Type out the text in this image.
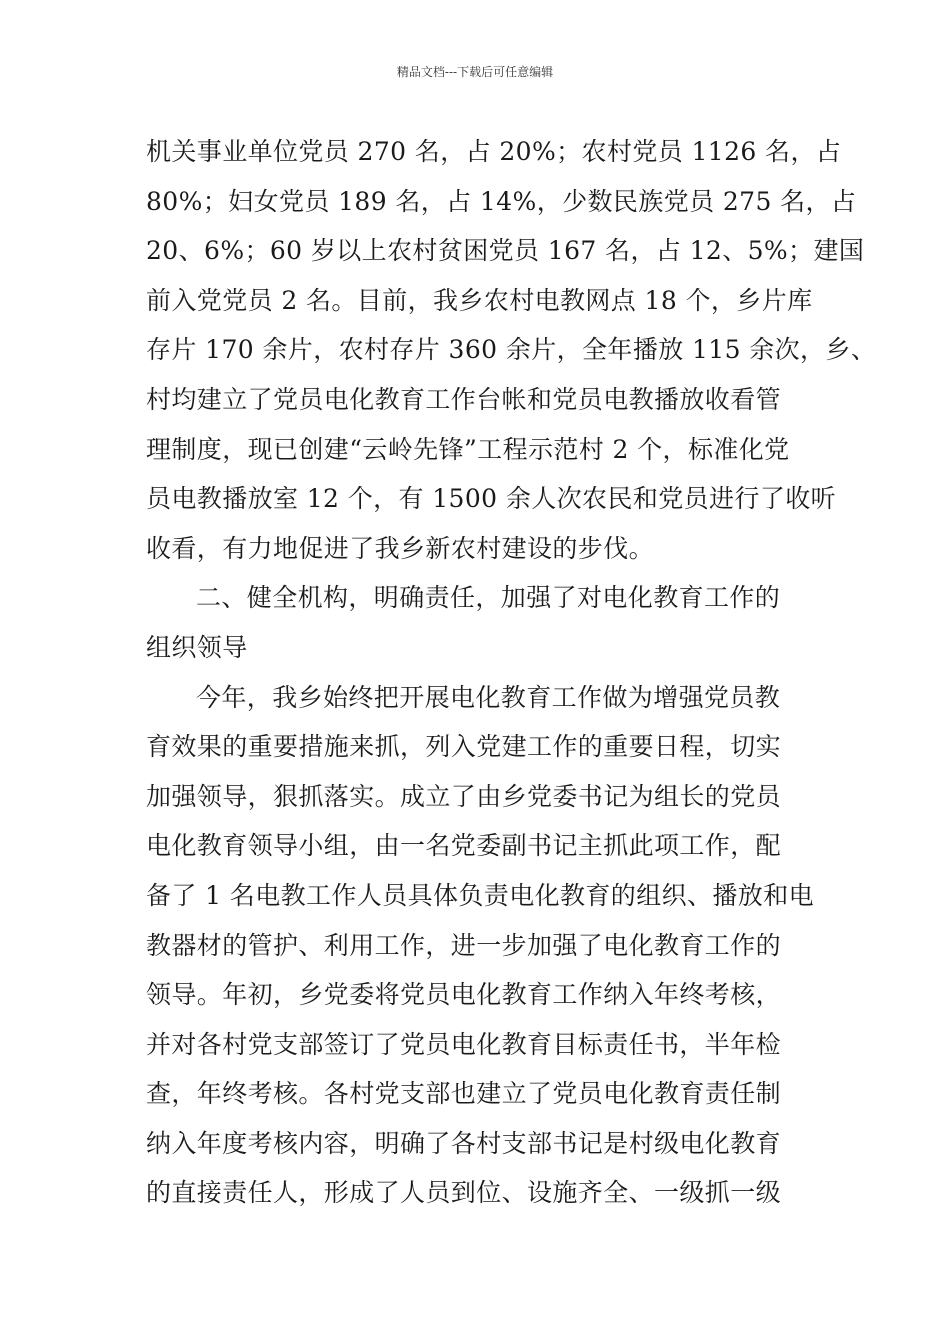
精品文档---下载后可任意编辑
机关事业单位党员 270 名，占 20%；农村党员 1126 名，占
80%；妇女党员 189 名，占 14%，少数民族党员 275 名，占
20、6%；60 岁以上农村贫困党员 167 名，占 12、5%；建国
前入党党员 2 名。目前，我乡农村电教网点 18 个，乡片库
存片 170 余片，农村存片 360 余片，全年播放 115 余次，乡、
村均建立了党员电化教育工作台帐和党员电教播放收看管
理制度，现已创建“云岭先锋”工程示范村 2 个，标准化党
员电教播放室 12 个，有 1500 余人次农民和党员进行了收听
收看，有力地促进了我乡新农村建设的步伐。
二、健全机构，明确责任，加强了对电化教育工作的
组织领导
今年，我乡始终把开展电化教育工作做为增强党员教
育效果的重要措施来抓，列入党建工作的重要日程，切实
加强领导，狠抓落实。成立了由乡党委书记为组长的党员
电化教育领导小组，由一名党委副书记主抓此项工作，配
备了 1 名电教工作人员具体负责电化教育的组织、播放和电
教器材的管护、利用工作，进一步加强了电化教育工作的
领导。年初，乡党委将党员电化教育工作纳入年终考核，
并对各村党支部签订了党员电化教育目标责任书，半年检
查，年终考核。各村党支部也建立了党员电化教育责任制
纳入年度考核内容，明确了各村支部书记是村级电化教育
的直接责任人，形成了人员到位、设施齐全、一级抓一级
